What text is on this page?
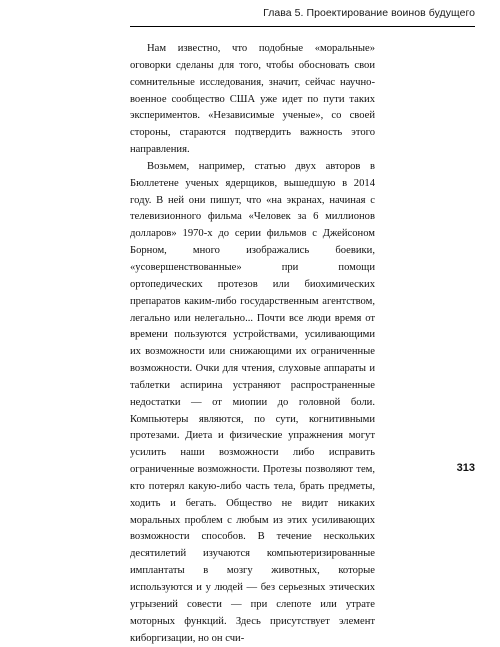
Глава 5. Проектирование воинов будущего

Нам известно, что подобные «моральные» оговорки сделаны для того, чтобы обосновать свои сомнительные исследования, значит, сейчас научно-военное сообщество США уже идет по пути таких экспериментов. «Независимые ученые», со своей стороны, стараются подтвердить важность этого направления.

Возьмем, например, статью двух авторов в Бюллетене ученых ядерщиков, вышедшую в 2014 году. В ней они пишут, что «на экранах, начиная с телевизионного фильма «Человек за 6 миллионов долларов» 1970-х до серии фильмов с Джейсоном Борном, много изображались боевики, «усовершенствованные» при помощи ортопедических протезов или биохимических препаратов каким-либо государственным агентством, легально или нелегально... Почти все люди время от времени пользуются устройствами, усиливающими их возможности или снижающими их ограниченные возможности. Очки для чтения, слуховые аппараты и таблетки аспирина устраняют распространенные недостатки — от миопии до головной боли. Компьютеры являются, по сути, когнитивными протезами. Диета и физические упражнения могут усилить наши возможности либо исправить ограниченные возможности. Протезы позволяют тем, кто потерял какую-либо часть тела, брать предметы, ходить и бегать. Общество не видит никаких моральных проблем с любым из этих усиливающих возможности способов. В течение нескольких десятилетий изучаются компьютеризированные имплантаты в мозгу животных, которые используются и у людей — без серьезных этических угрызений совести — при слепоте или утрате моторных функций. Здесь присутствует элемент киборгизации, но он счи-

313
